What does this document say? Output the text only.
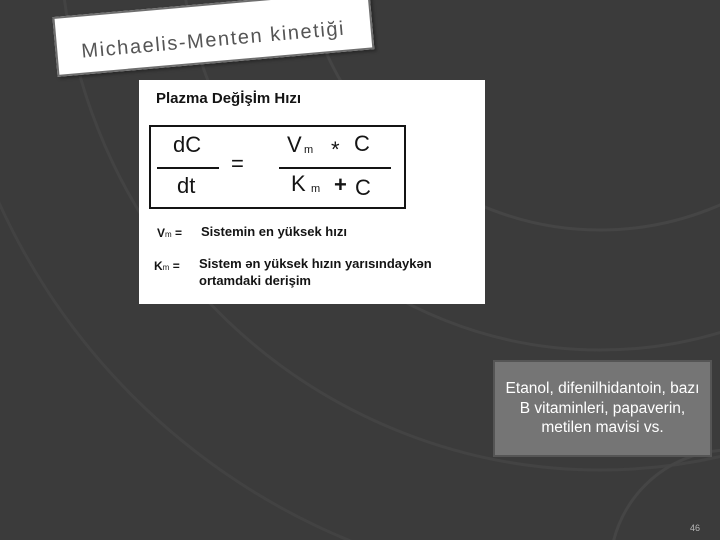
Michaelis-Menten kinetiği
Plazma Değİşİm Hızı
dC
dt
=
V m * C
K m + C
Vm = Sistemin en yüksek hızı
Km = Sistem ən yüksek hızın yarısındaykən
ortamdaki derişim
Etanol, difenilhidantoin, bazı B vitaminleri, papaverin, metilen mavisi vs.
46
